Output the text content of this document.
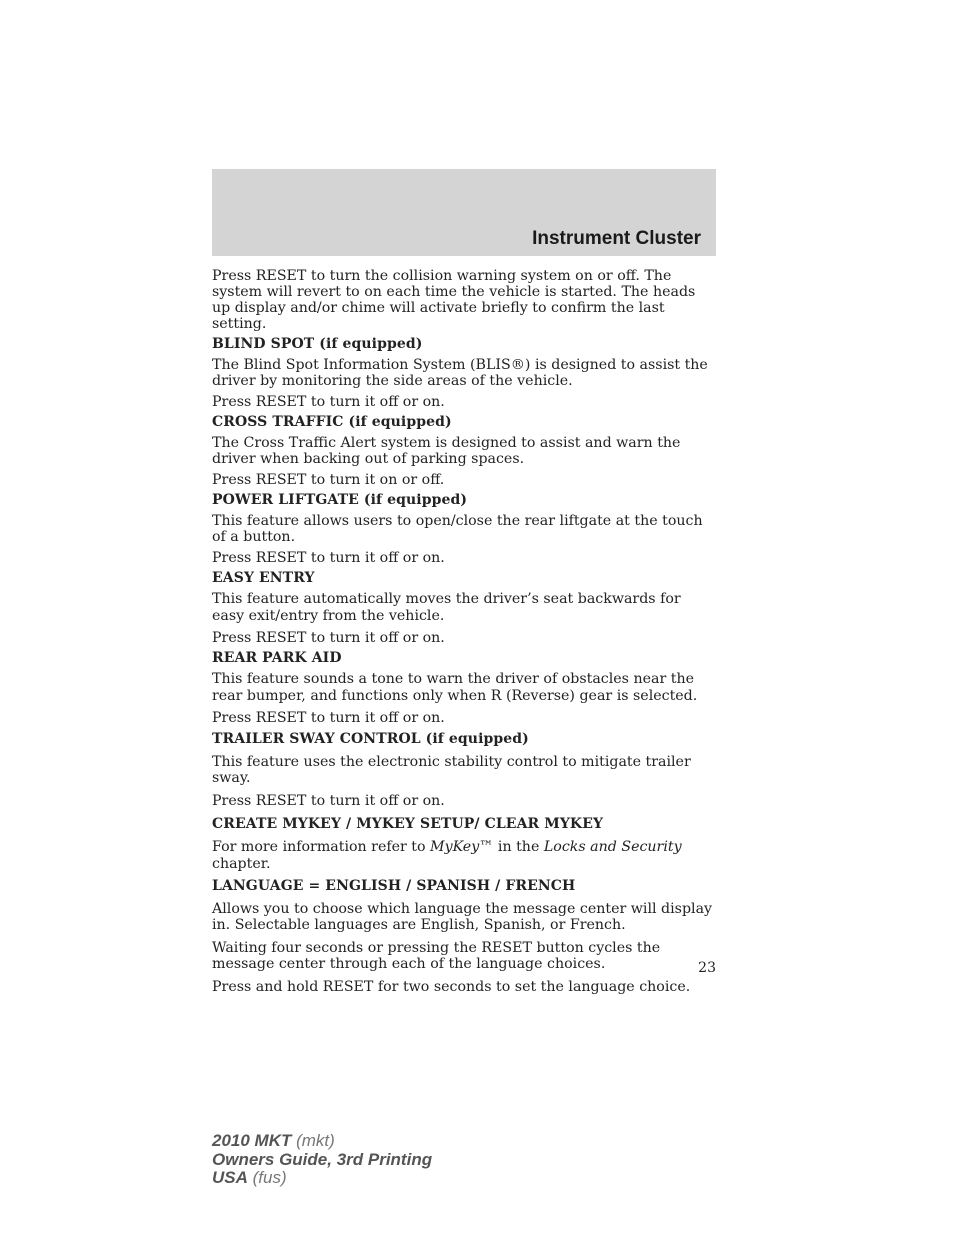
Instrument Cluster

Press RESET to turn the collision warning system on or off. The system will revert to on each time the vehicle is started. The heads up display and/or chime will activate briefly to confirm the last setting.

BLIND SPOT (if equipped)

The Blind Spot Information System (BLIS®) is designed to assist the driver by monitoring the side areas of the vehicle.

Press RESET to turn it off or on.

CROSS TRAFFIC (if equipped)

The Cross Traffic Alert system is designed to assist and warn the driver when backing out of parking spaces.

Press RESET to turn it on or off.

POWER LIFTGATE (if equipped)

This feature allows users to open/close the rear liftgate at the touch of a button.

Press RESET to turn it off or on.

EASY ENTRY

This feature automatically moves the driver’s seat backwards for easy exit/entry from the vehicle.

Press RESET to turn it off or on.

REAR PARK AID

This feature sounds a tone to warn the driver of obstacles near the rear bumper, and functions only when R (Reverse) gear is selected.

Press RESET to turn it off or on.

TRAILER SWAY CONTROL (if equipped)

This feature uses the electronic stability control to mitigate trailer sway.

Press RESET to turn it off or on.

CREATE MYKEY / MYKEY SETUP/ CLEAR MYKEY

For more information refer to MyKey™ in the Locks and Security chapter.

LANGUAGE = ENGLISH / SPANISH / FRENCH

Allows you to choose which language the message center will display in. Selectable languages are English, Spanish, or French.

Waiting four seconds or pressing the RESET button cycles the message center through each of the language choices.

Press and hold RESET for two seconds to set the language choice.

23
2010 MKT (mkt)
Owners Guide, 3rd Printing
USA (fus)
